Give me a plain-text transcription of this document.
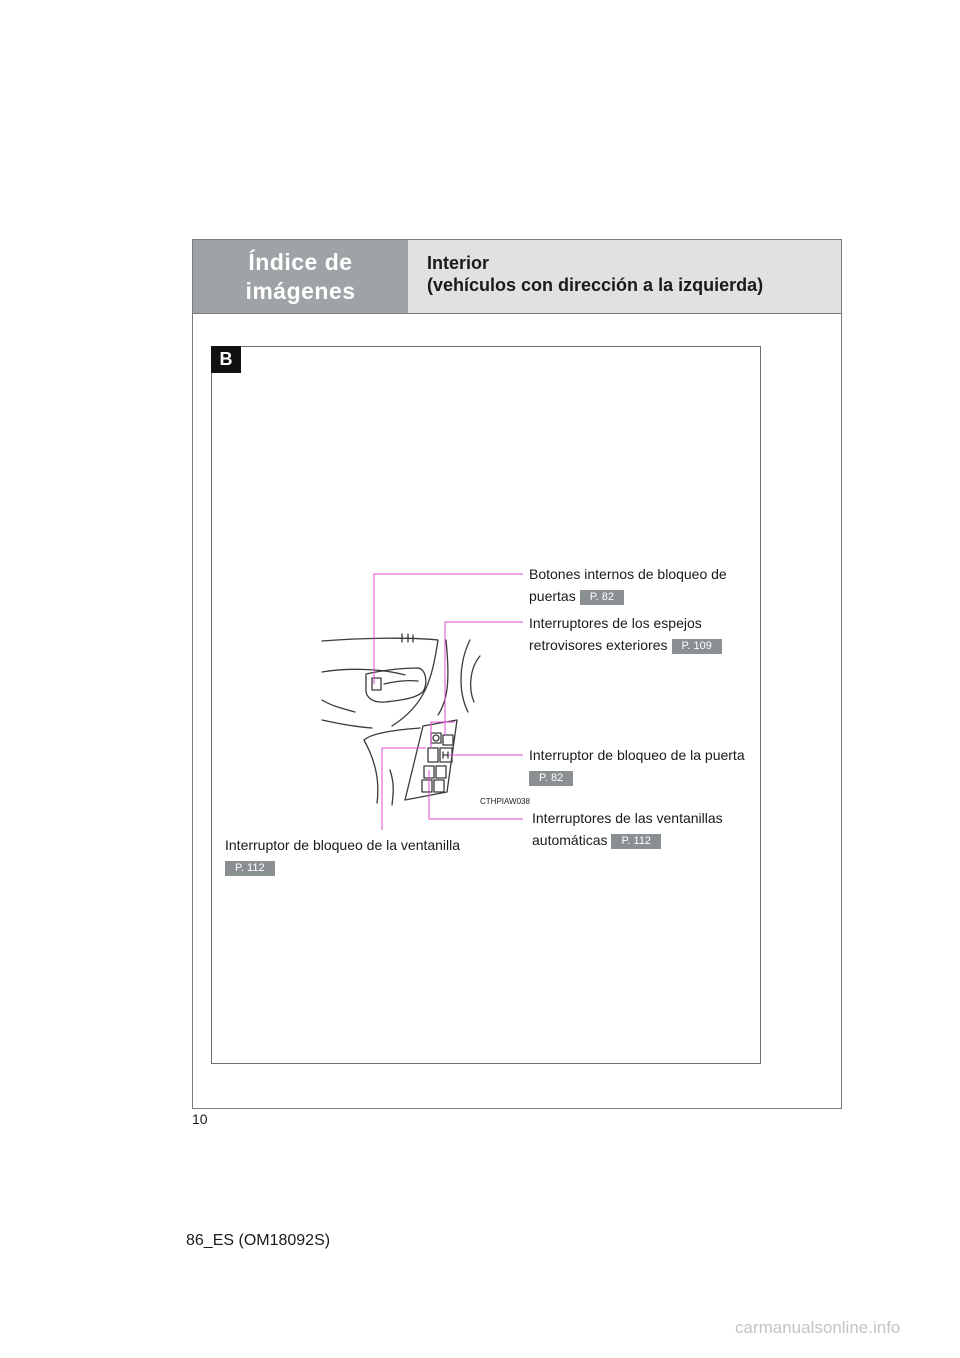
Índice de
imágenes
Interior
(vehículos con dirección a la izquierda)
B
CTHPIAW038
Botones internos de bloqueo de
puertas P. 82
Interruptores de los espejos
retrovisores exteriores P. 109
Interruptor de bloqueo de la puerta
P. 82
Interruptores de las ventanillas
automáticas P. 112
Interruptor de bloqueo de la ventanilla
P. 112
10
86_ES (OM18092S)
carmanualsonline.info
